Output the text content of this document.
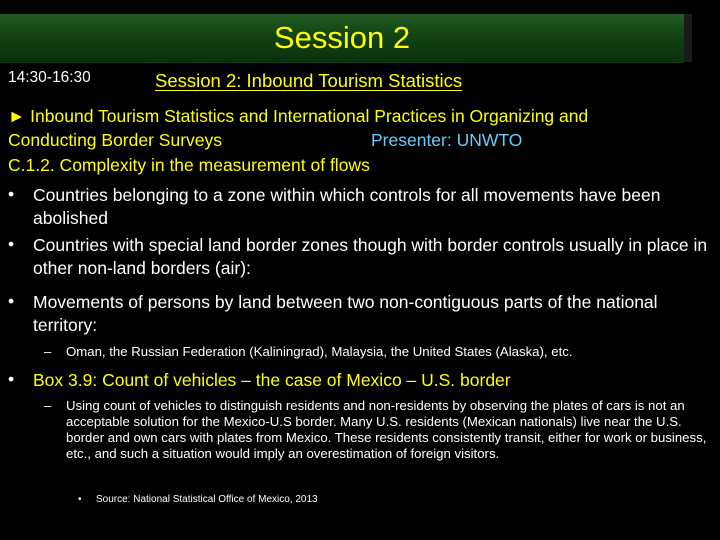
Session 2
14:30-16:30	Session 2: Inbound Tourism Statistics
► Inbound Tourism Statistics and International Practices in Organizing and
Conducting Border Surveys	Presenter: UNWTO
C.1.2. Complexity in the measurement of flows
• Countries belonging to a zone within which controls for all movements have been abolished
• Countries with special land border zones though with border controls usually in place in other non-land borders (air):
• Movements of persons by land between two non-contiguous parts of the national territory:
– Oman, the Russian Federation (Kaliningrad), Malaysia, the United States (Alaska), etc.
• Box 3.9: Count of vehicles – the case of Mexico – U.S. border
– Using count of vehicles to distinguish residents and non-residents by observing the plates of cars is not an acceptable solution for the Mexico-U.S border. Many U.S. residents (Mexican nationals) live near the U.S. border and own cars with plates from Mexico. These residents consistently transit, either for work or business, etc., and such a situation would imply an overestimation of foreign visitors.
• Source: National Statistical Office of Mexico, 2013
